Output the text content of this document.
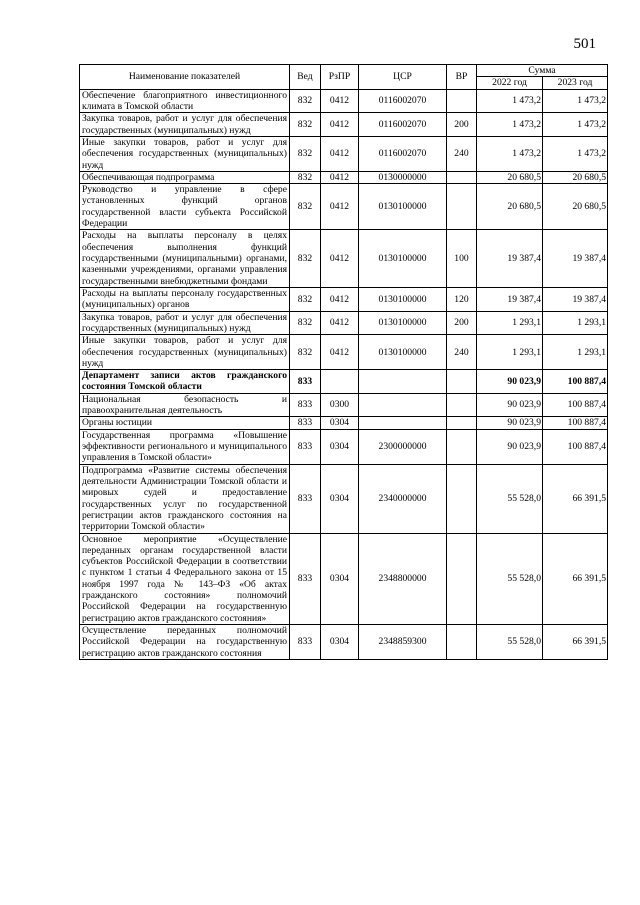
501
Наименование показателей	Вед	РзПР	ЦСР	ВР	Сумма	
					2022 год	2023 год
Обеспечение благоприятного инвестиционного климата в Томской области	832	0412	0116002070		1 473,2	1 473,2
Закупка товаров, работ и услуг для обеспечения государственных (муниципальных) нужд	832	0412	0116002070	200	1 473,2	1 473,2
Иные закупки товаров, работ и услуг для обеспечения государственных (муниципальных) нужд	832	0412	0116002070	240	1 473,2	1 473,2
Обеспечивающая подпрограмма	832	0412	0130000000		20 680,5	20 680,5
Руководство и управление в сфере установленных функций органов государственной власти субъекта Российской Федерации	832	0412	0130100000		20 680,5	20 680,5
Расходы на выплаты персоналу в целях обеспечения выполнения функций государственными (муниципальными) органами, казенными учреждениями, органами управления государственными внебюджетными фондами	832	0412	0130100000	100	19 387,4	19 387,4
Расходы на выплаты персоналу государственных (муниципальных) органов	832	0412	0130100000	120	19 387,4	19 387,4
Закупка товаров, работ и услуг для обеспечения государственных (муниципальных) нужд	832	0412	0130100000	200	1 293,1	1 293,1
Иные закупки товаров, работ и услуг для обеспечения государственных (муниципальных) нужд	832	0412	0130100000	240	1 293,1	1 293,1
Департамент записи актов гражданского состояния Томской области	833				90 023,9	100 887,4
Национальная безопасность и правоохранительная деятельность	833	0300			90 023,9	100 887,4
Органы юстиции	833	0304			90 023,9	100 887,4
Государственная программа «Повышение эффективности регионального и муниципального управления в Томской области»	833	0304	2300000000		90 023,9	100 887,4
Подпрограмма «Развитие системы обеспечения деятельности Администрации Томской области и мировых судей и предоставление государственных услуг по государственной регистрации актов гражданского состояния на территории Томской области»	833	0304	2340000000		55 528,0	66 391,5
Основное мероприятие «Осуществление переданных органам государственной власти субъектов Российской Федерации в соответствии с пунктом 1 статьи 4 Федерального закона от 15 ноября 1997 года № 143–ФЗ «Об актах гражданского состояния» полномочий Российской Федерации на государственную регистрацию актов гражданского состояния»	833	0304	2348800000		55 528,0	66 391,5
Осуществление переданных полномочий Российской Федерации на государственную регистрацию актов гражданского состояния	833	0304	2348859300		55 528,0	66 391,5
